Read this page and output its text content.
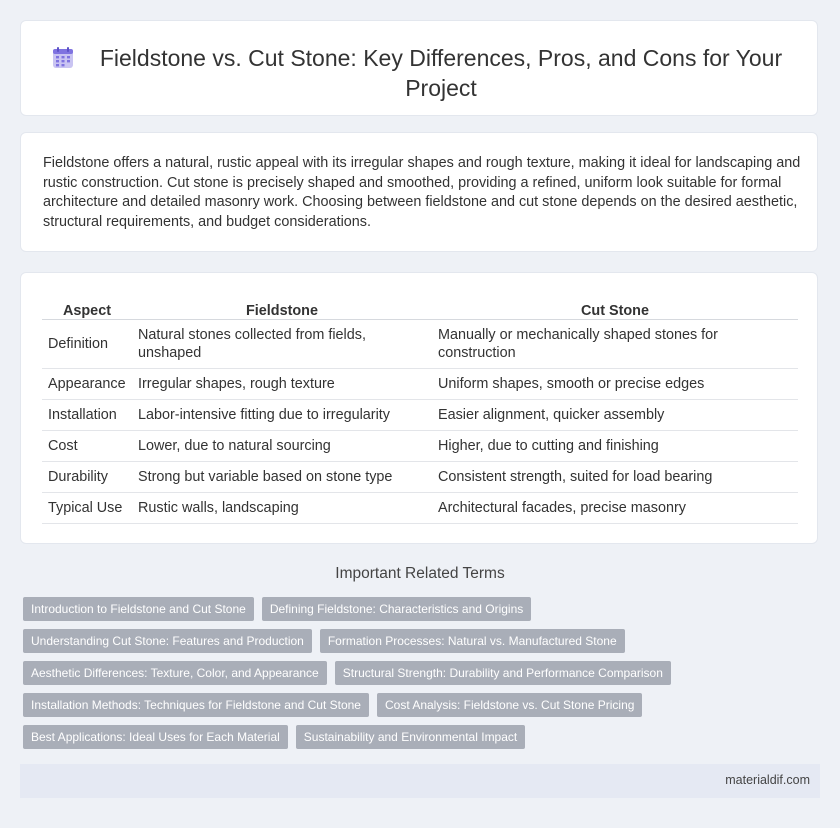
Fieldstone vs. Cut Stone: Key Differences, Pros, and Cons for Your Project

Fieldstone offers a natural, rustic appeal with its irregular shapes and rough texture, making it ideal for landscaping and rustic construction. Cut stone is precisely shaped and smoothed, providing a refined, uniform look suitable for formal architecture and detailed masonry work. Choosing between fieldstone and cut stone depends on the desired aesthetic, structural requirements, and budget considerations.

Aspect	Fieldstone	Cut Stone
Definition	Natural stones collected from fields, unshaped	Manually or mechanically shaped stones for construction
Appearance	Irregular shapes, rough texture	Uniform shapes, smooth or precise edges
Installation	Labor-intensive fitting due to irregularity	Easier alignment, quicker assembly
Cost	Lower, due to natural sourcing	Higher, due to cutting and finishing
Durability	Strong but variable based on stone type	Consistent strength, suited for load bearing
Typical Use	Rustic walls, landscaping	Architectural facades, precise masonry
Important Related Terms
Introduction to Fieldstone and Cut Stone	Defining Fieldstone: Characteristics and Origins
Understanding Cut Stone: Features and Production	Formation Processes: Natural vs. Manufactured Stone
Aesthetic Differences: Texture, Color, and Appearance	Structural Strength: Durability and Performance Comparison
Installation Methods: Techniques for Fieldstone and Cut Stone	Cost Analysis: Fieldstone vs. Cut Stone Pricing
Best Applications: Ideal Uses for Each Material	Sustainability and Environmental Impact
materialdif.com
